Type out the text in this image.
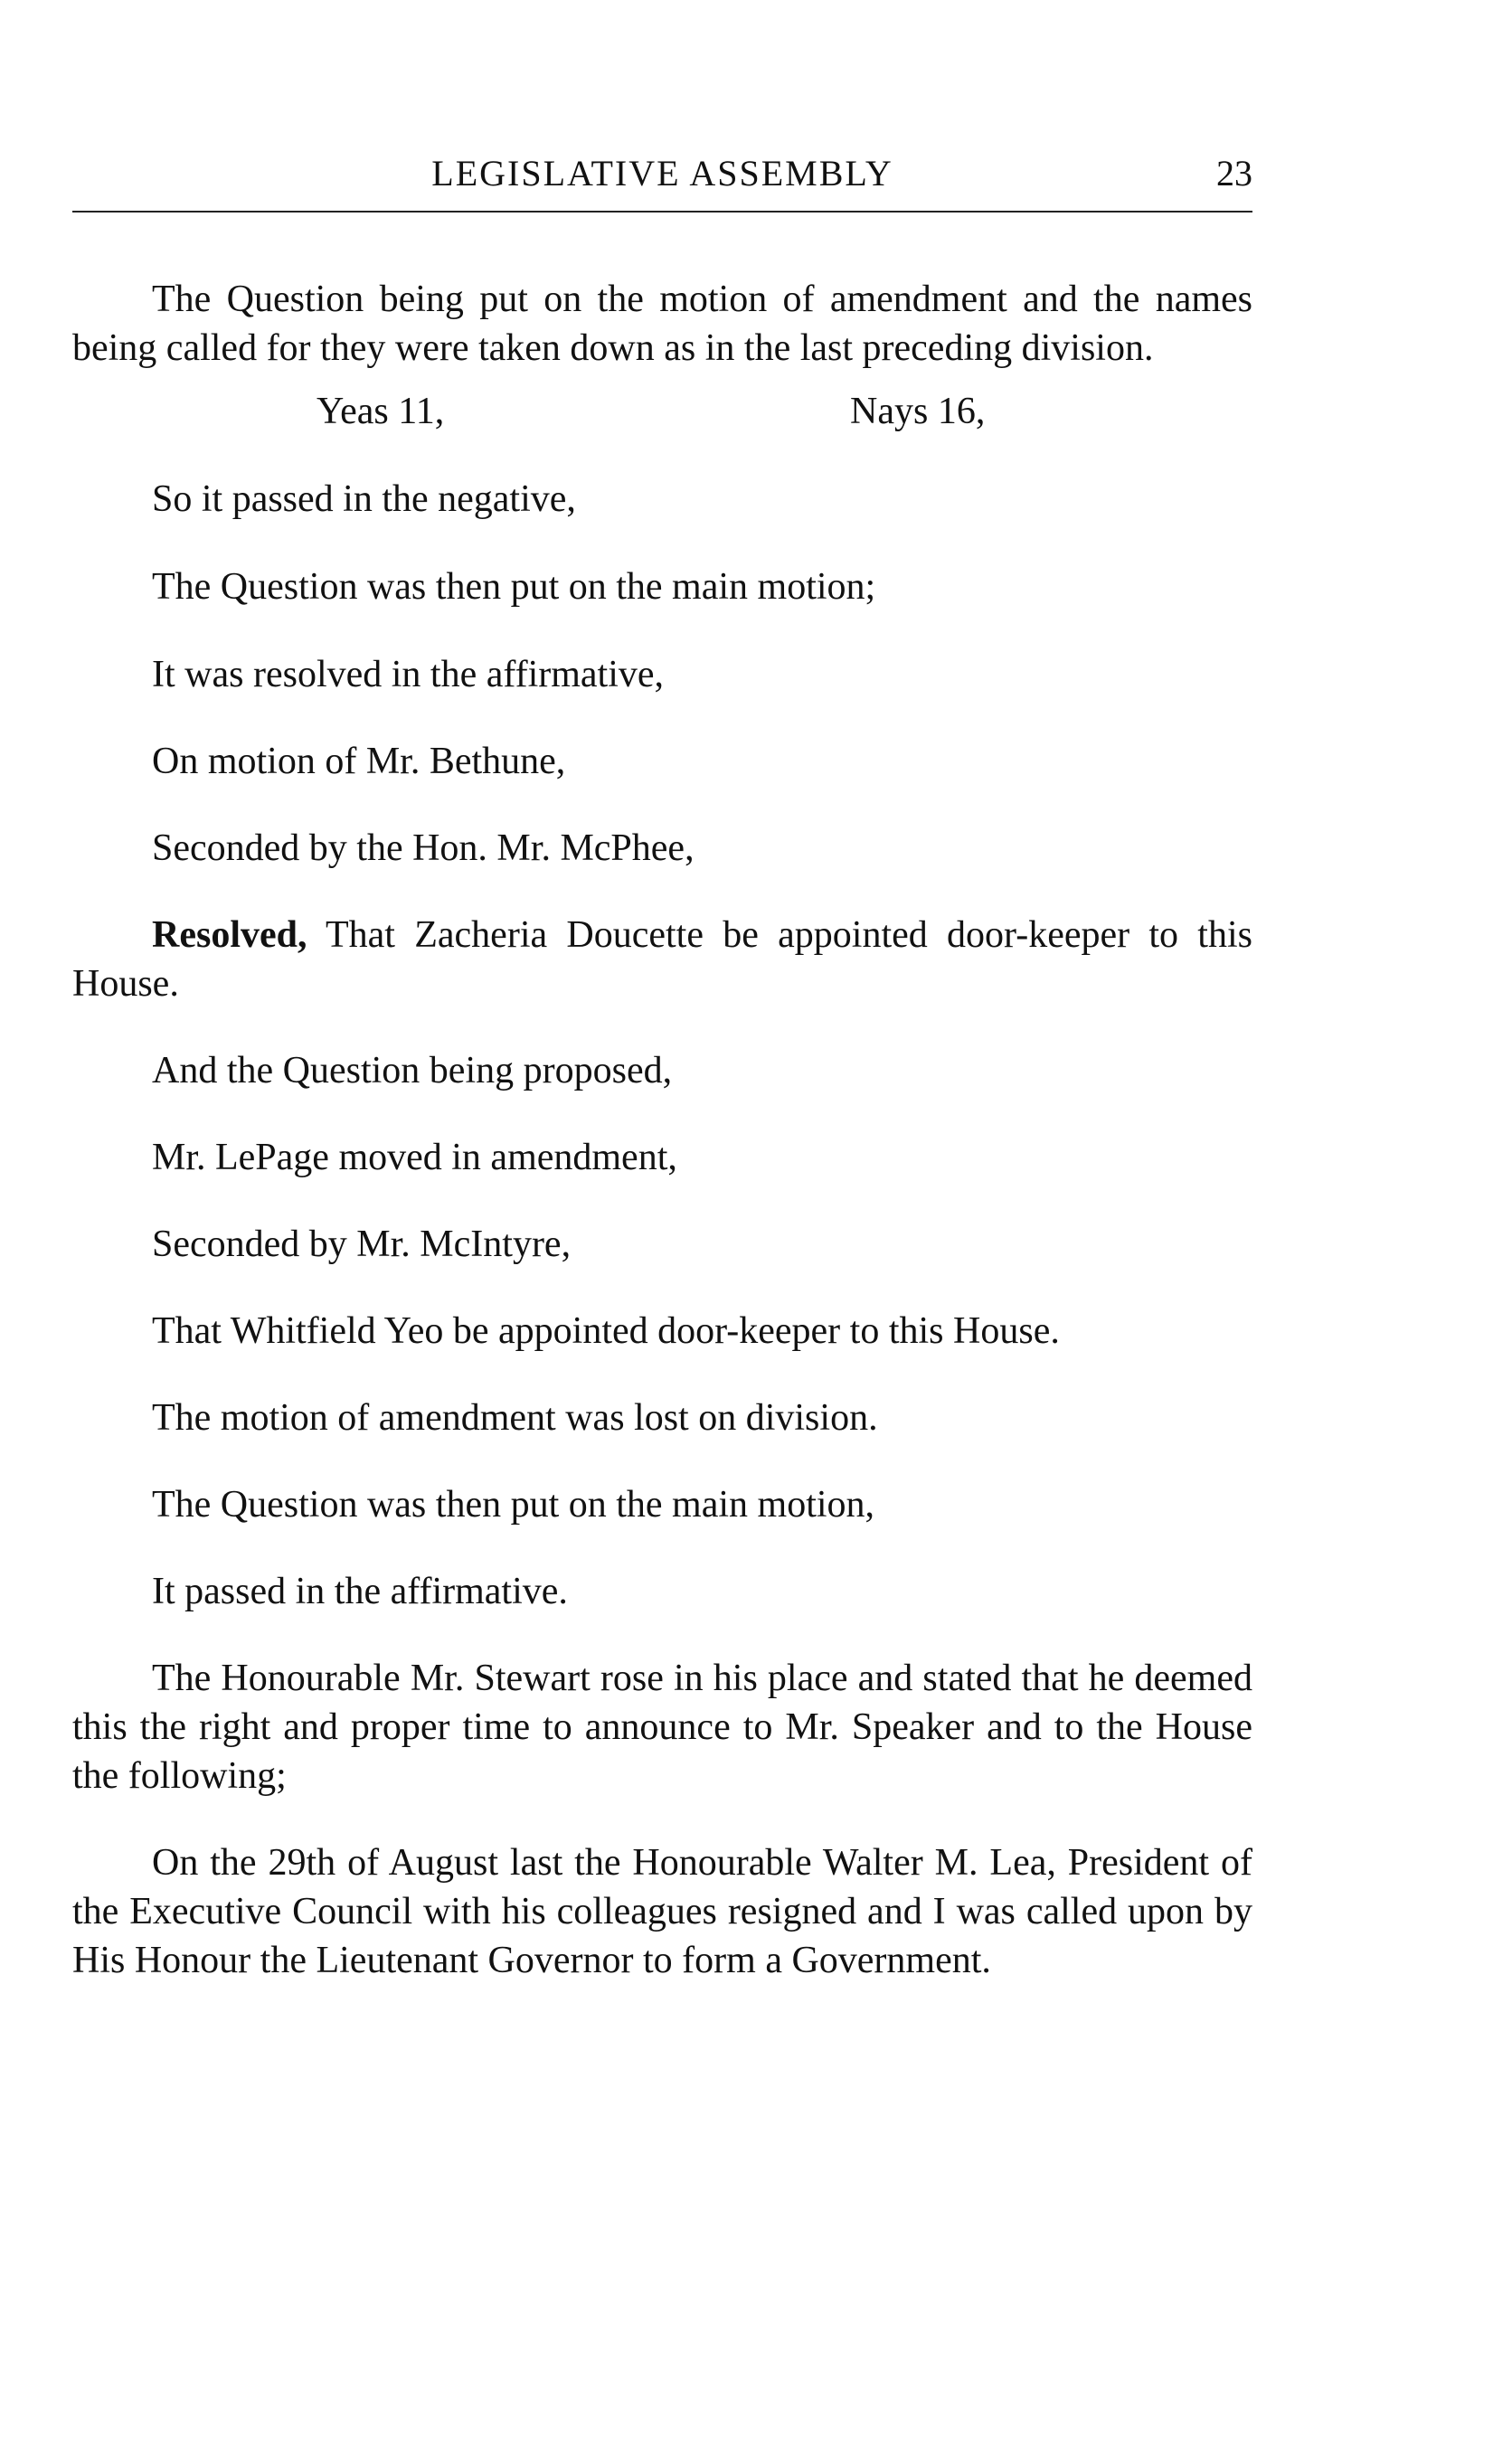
LEGISLATIVE ASSEMBLY	23

The Question being put on the motion of amendment and the names being called for they were taken down as in the last preceding division.

Yeas 11,	Nays 16,

So it passed in the negative,

The Question was then put on the main motion;

It was resolved in the affirmative,

On motion of Mr. Bethune,

Seconded by the Hon. Mr. McPhee,

Resolved, That Zacheria Doucette be appointed door-keeper to this House.

And the Question being proposed,

Mr. LePage moved in amendment,

Seconded by Mr. McIntyre,

That Whitfield Yeo be appointed door-keeper to this House.

The motion of amendment was lost on division.

The Question was then put on the main motion,

It passed in the affirmative.

The Honourable Mr. Stewart rose in his place and stated that he deemed this the right and proper time to announce to Mr. Speaker and to the House the following;

On the 29th of August last the Honourable Walter M. Lea, President of the Executive Council with his colleagues resigned and I was called upon by His Honour the Lieutenant Governor to form a Government.
